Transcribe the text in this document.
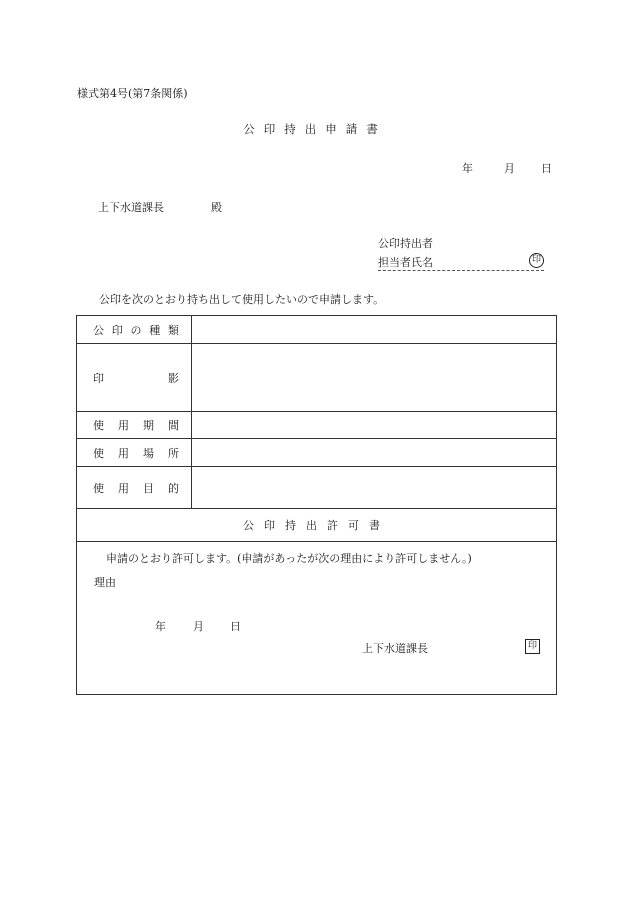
様式第4号(第7条関係)
公印持出申請書
年	月 日
上下水道課長	殿
公印持出者
担当者氏名	印
公印を次のとおり持ち出して使用したいので申請します。
公 印 の 種 類	

印 影	

使 用 期 間	

使 用 場 所	

使 用 目 的	

公印持出許可書	

申請のとおり許可します。(申請があったが次の理由により許可しません。)
理由
年 月 日
上下水道課長 印	
